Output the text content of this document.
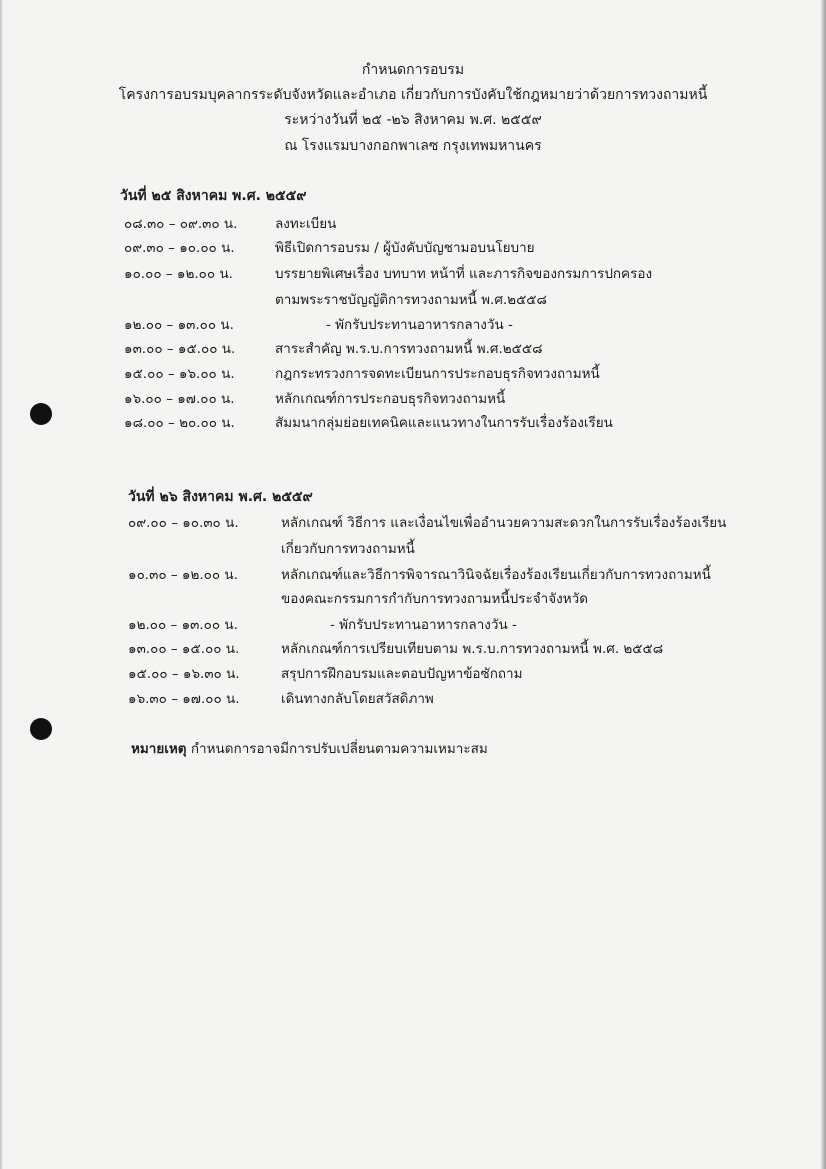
กำหนดการอบรม
โครงการอบรมบุคลากรระดับจังหวัดและอำเภอ เกี่ยวกับการบังคับใช้กฎหมายว่าด้วยการทวงถามหนี้
ระหว่างวันที่ ๒๕ -๒๖ สิงหาคม พ.ศ. ๒๕๕๙
ณ โรงแรมบางกอกพาเลซ กรุงเทพมหานคร
วันที่ ๒๕ สิงหาคม พ.ศ. ๒๕๕๙
๐๘.๓๐ – ๐๙.๓๐ น.	ลงทะเบียน
๐๙.๓๐ – ๑๐.๐๐ น.	พิธีเปิดการอบรม / ผู้บังคับบัญชามอบนโยบาย
๑๐.๐๐ – ๑๒.๐๐ น.	บรรยายพิเศษเรื่อง บทบาท หน้าที่ และภารกิจของกรมการปกครอง
ตามพระราชบัญญัติการทวงถามหนี้ พ.ศ.๒๕๕๘
๑๒.๐๐ – ๑๓.๐๐ น.	- พักรับประทานอาหารกลางวัน -
๑๓.๐๐ – ๑๕.๐๐ น.	สาระสำคัญ พ.ร.บ.การทวงถามหนี้ พ.ศ.๒๕๕๘
๑๕.๐๐ – ๑๖.๐๐ น.	กฎกระทรวงการจดทะเบียนการประกอบธุรกิจทวงถามหนี้
๑๖.๐๐ – ๑๗.๐๐ น.	หลักเกณฑ์การประกอบธุรกิจทวงถามหนี้
๑๘.๐๐ – ๒๐.๐๐ น.	สัมมนากลุ่มย่อยเทคนิคและแนวทางในการรับเรื่องร้องเรียน
วันที่ ๒๖ สิงหาคม พ.ศ. ๒๕๕๙
๐๙.๐๐ – ๑๐.๓๐ น.	หลักเกณฑ์ วิธีการ และเงื่อนไขเพื่ออำนวยความสะดวกในการรับเรื่องร้องเรียน
เกี่ยวกับการทวงถามหนี้
๑๐.๓๐ – ๑๒.๐๐ น.	หลักเกณฑ์และวิธีการพิจารณาวินิจฉัยเรื่องร้องเรียนเกี่ยวกับการทวงถามหนี้
ของคณะกรรมการกำกับการทวงถามหนี้ประจำจังหวัด
๑๒.๐๐ – ๑๓.๐๐ น.	- พักรับประทานอาหารกลางวัน -
๑๓.๐๐ – ๑๕.๐๐ น.	หลักเกณฑ์การเปรียบเทียบตาม พ.ร.บ.การทวงถามหนี้ พ.ศ. ๒๕๕๘
๑๕.๐๐ – ๑๖.๓๐ น.	สรุปการฝึกอบรมและตอบปัญหาข้อซักถาม
๑๖.๓๐ – ๑๗.๐๐ น.	เดินทางกลับโดยสวัสดิภาพ
หมายเหตุ กำหนดการอาจมีการปรับเปลี่ยนตามความเหมาะสม
